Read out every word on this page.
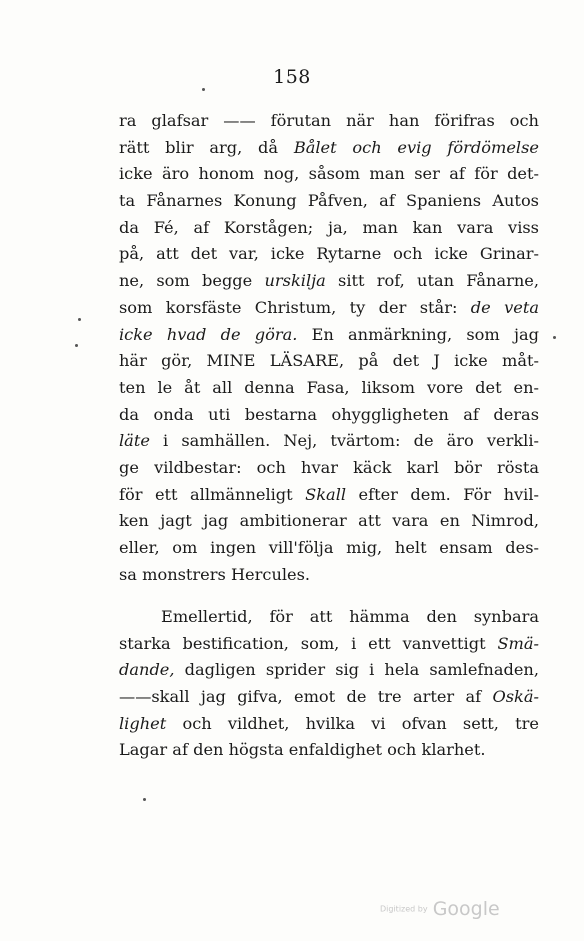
158
ra glafsar —— förutan när han förifras och
rätt blir arg, då Bålet och evig fördömelse
icke äro honom nog, såsom man ser af för det-
ta Fånarnes Konung Påfven, af Spaniens Autos
da Fé, af Korstågen; ja, man kan vara viss
på, att det var, icke Rytarne och icke Grinar-
ne, som begge urskilja sitt rof, utan Fånarne,
som korsfäste Christum, ty der står: de veta
icke hvad de göra. En anmärkning, som jag
här gör, MINE LÄSARE, på det J icke måt-
ten le åt all denna Fasa, liksom vore det en-
da onda uti bestarna ohyggligheten af deras
läte i samhällen. Nej, tvärtom: de äro verkli-
ge vildbestar: och hvar käck karl bör rösta
för ett allmänneligt Skall efter dem. För hvil-
ken jagt jag ambitionerar att vara en Nimrod,
eller, om ingen vill'följa mig, helt ensam des-
sa monstrers Hercules.
Emellertid, för att hämma den synbara
starka bestification, som, i ett vanvettigt Smä-
dande, dagligen sprider sig i hela samlefnaden,
——skall jag gifva, emot de tre arter af Oskä-
lighet och vildhet, hvilka vi ofvan sett, tre
Lagar af den högsta enfaldighet och klarhet.
Digitized by Google
